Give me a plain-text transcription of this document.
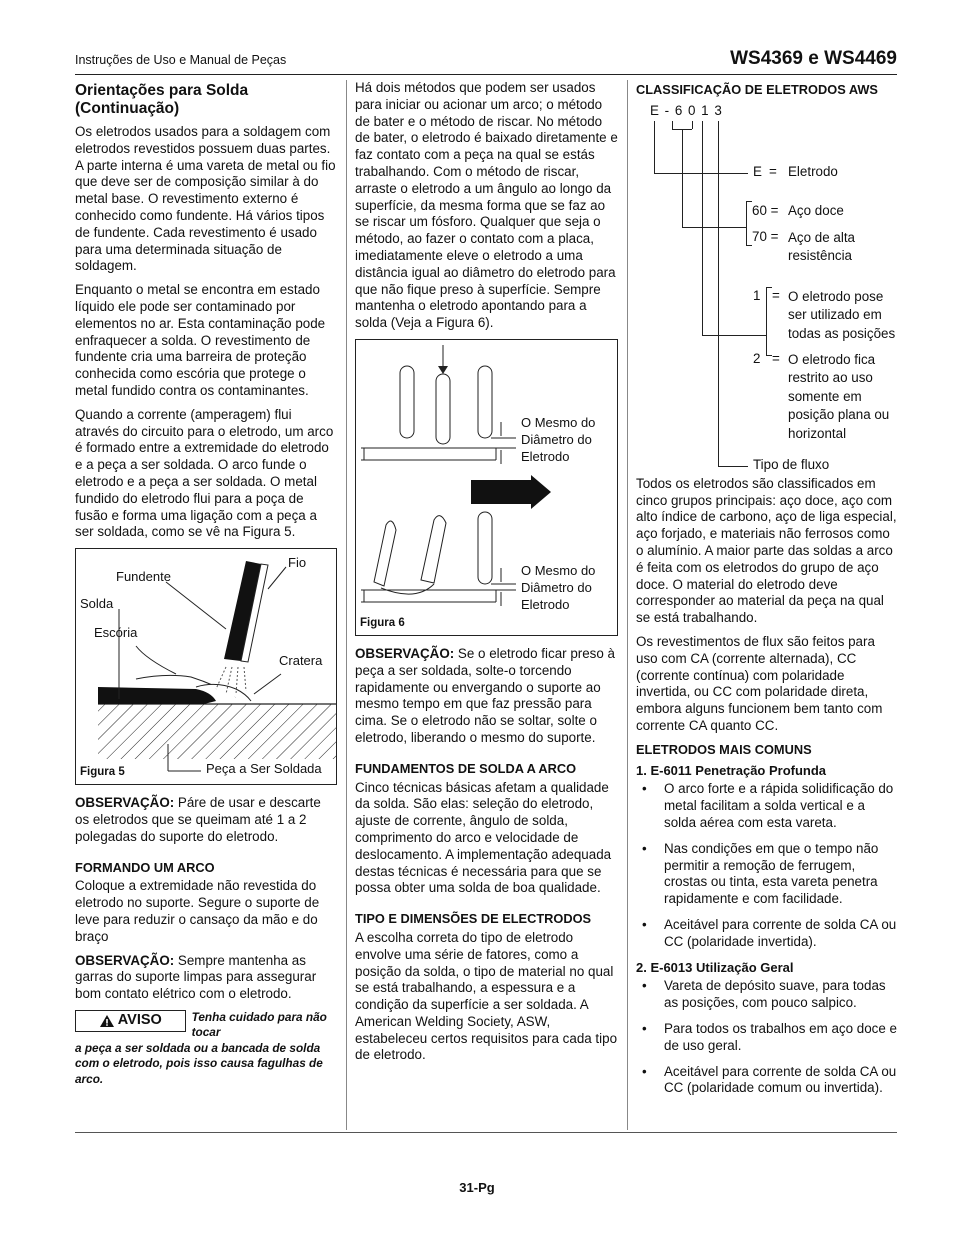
Instruções de Uso e Manual de Peças	WS4369 e WS4469
Orientações para Solda (Continuação)

Os eletrodos usados para a soldagem com eletrodos revestidos possuem duas partes. A parte interna é uma vareta de metal ou fio que deve ser de composição similar à do metal base. O revestimento externo é conhecido como fundente. Há vários tipos de fundente. Cada revestimento é usado para uma determinada situação de soldagem.

Enquanto o metal se encontra em estado líquido ele pode ser contaminado por elementos no ar. Esta contaminação pode enfraquecer a solda. O revestimento de fundente cria uma barreira de proteção conhecida como escória que protege o metal fundido contra os contaminantes.

Quando a corrente (amperagem) flui através do circuito para o eletrodo, um arco é formado entre a extremidade do eletrodo e a peça a ser soldada. O arco funde o eletrodo e a peça a ser soldada. O metal fundido do eletrodo flui para a poça de fusão e forma uma ligação com a peça a ser soldada, como se vê na Figura 5.

Fio
Fundente
Solda
Escória
Cratera
Peça a Ser Soldada
Figura 5

OBSERVAÇÃO: Páre de usar e descarte os eletrodos que se queimam até 1 a 2 polegadas do suporte do eletrodo.

FORMANDO UM ARCO

Coloque a extremidade não revestida do eletrodo no suporte. Segure o suporte de leve para reduzir o cansaço da mão e do braço

OBSERVAÇÃO: Sempre mantenha as garras do suporte limpas para assegurar bom contato elétrico com o eletrodo.

AVISO	Tenha cuidado para não tocar
a peça a ser soldada ou a bancada de solda com o eletrodo, pois isso causa fagulhas de arco.

Há dois métodos que podem ser usados para iniciar ou acionar um arco; o método de bater e o método de riscar. No método de bater, o eletrodo é baixado diretamente e faz contato com a peça na qual se estás trabalhando. Com o método de riscar, arraste o eletrodo a um ângulo ao longo da superfície, da mesma forma que se faz ao se riscar um fósforo. Qualquer que seja o método, ao fazer o contato com a placa, imediatamente eleve o eletrodo a uma distância igual ao diâmetro do eletrodo para que não fique preso à superfície. Sempre mantenha o eletrodo apontando para a solda (Veja a Figura 6).

O Mesmo do Diâmetro do Eletrodo
O Mesmo do Diâmetro do Eletrodo
Figura 6

OBSERVAÇÃO: Se o eletrodo ficar preso à peça a ser soldada, solte-o torcendo rapidamente ou envergando o suporte ao mesmo tempo em que faz pressão para cima. Se o eletrodo não se soltar, solte o eletrodo, liberando o mesmo do suporte.

FUNDAMENTOS DE SOLDA A ARCO

Cinco técnicas básicas afetam a qualidade da solda. São elas: seleção do eletrodo, ajuste de corrente, ângulo de solda, comprimento do arco e velocidade de deslocamento. A implementação adequada destas técnicas é necessária para que se possa obter uma solda de boa qualidade.

TIPO E DIMENSÕES DE ELECTRODOS

A escolha correta do tipo de eletrodo envolve uma série de fatores, como a posição da solda, o tipo de material no qual se está trabalhando, a espessura e a condição da superfície a ser soldada. A American Welding Society, ASW, estabeleceu certos requisitos para cada tipo de eletrodo.

CLASSIFICAÇÃO DE ELETRODOS AWS
E - 6 0 1 3
E = Eletrodo
60 = Aço doce
70 = Aço de alta resistência
1 = O eletrodo pose ser utilizado em todas as posições
2 = O eletrodo fica restrito ao uso somente em posição plana ou horizontal
Tipo de fluxo

Todos os eletrodos são classificados em cinco grupos principais: aço doce, aço com alto índice de carbono, aço de liga especial, aço forjado, e materiais não ferrosos como o alumínio. A maior parte das soldas a arco é feita com os eletrodos do grupo de aço doce. O material do eletrodo deve corresponder ao material da peça na qual se está trabalhando.

Os revestimentos de flux são feitos para uso com CA (corrente alternada), CC (corrente contínua) com polaridade invertida, ou CC com polaridade direta, embora alguns funcionem bem tanto com corrente CA quanto CC.

ELETRODOS MAIS COMUNS
1. E-6011 Penetração Profunda
• O arco forte e a rápida solidificação do metal facilitam a solda vertical e a solda aérea com esta vareta.
• Nas condições em que o tempo não permitir a remoção de ferrugem, crostas ou tinta, esta vareta penetra rapidamente e com facilidade.
• Aceitável para corrente de solda CA ou CC (polaridade invertida).
2. E-6013 Utilização Geral
• Vareta de depósito suave, para todas as posições, com pouco salpico.
• Para todos os trabalhos em aço doce e de uso geral.
• Aceitável para corrente de solda CA ou CC (polaridade comum ou invertida).
31-Pg
